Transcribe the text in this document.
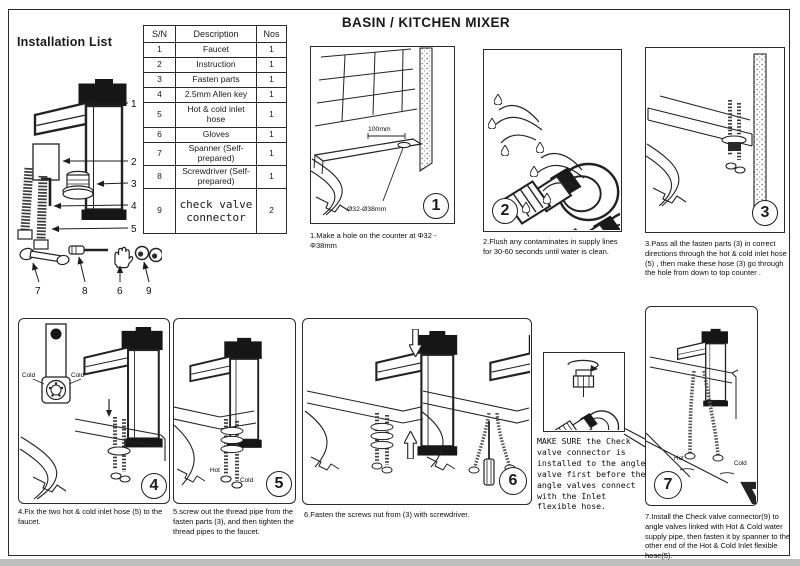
Installation List
1
2
3
4
5
7	8	6 9
S/N	Description	Nos
1	Faucet	1
2	Instruction	1
3	Fasten parts	1
4	2.5mm Allen key	1
5	Hot & cold inlet hose	1
6	Gloves	1
7	Spanner (Self-prepared)	1
8	Screwdriver (Self-prepared)	1
9	check valve connector	2
BASIN / KITCHEN MIXER
100mm
Ø32-Ø38mm	1
1.Make a hole on the counter at Φ32 - Φ38mm
2
2.Flush any contaminates in supply lines for 30-60 seconds until water is clean.
3
3.Pass all the fasten parts (3) in correct directions through the hot & cold inlet hose (5) , then make these hose (3) go through the hole from down to top counter .
Cold	Cold
4
4.Fix the two hot & cold inlet hose (5) to the faucet.
Hot
Cold	5
5.screw out the thread pipe from the fasten parts (3), and then tighten the thread pipes to the faucet.
6
6.Fasten the screws nut from (3) with screwdriver.
MAKE SURE the Check valve connector is installed to the angle valve first before the angle valves connect with the Inlet flexible hose.
Hot
Cold
7
7.Install the Check valve connector(9) to angle valves linked with Hot & Cold water supply pipe, then fasten it by spanner to the other end of the Hot & Cold Inlet flexible hose(5).
